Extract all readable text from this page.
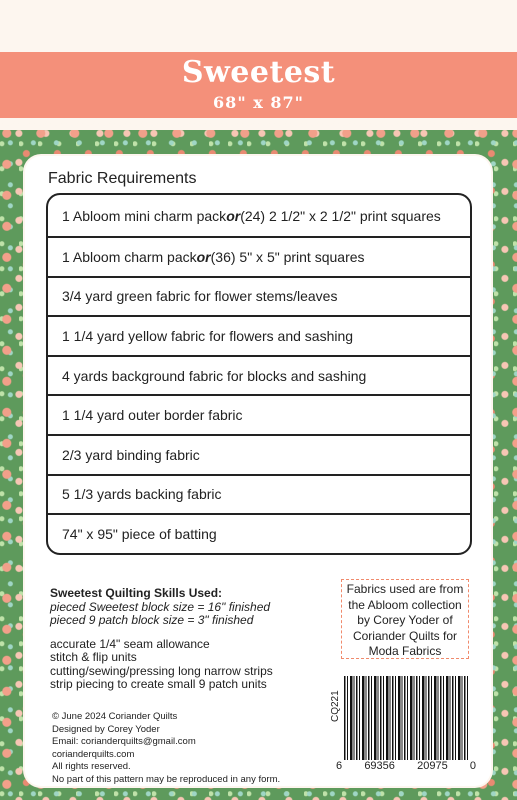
Sweetest
68" x 87"
Fabric Requirements
1 Abloom mini charm pack or (24) 2 1/2" x 2 1/2" print squares
1 Abloom charm pack or (36) 5" x 5" print squares
3/4 yard green fabric for flower stems/leaves
1 1/4 yard yellow fabric for flowers and sashing
4 yards background fabric for blocks and sashing
1 1/4 yard outer border fabric
2/3 yard binding fabric
5 1/3 yards backing fabric
74" x 95" piece of batting
Sweetest Quilting Skills Used:
pieced Sweetest block size = 16" finished
pieced 9 patch block size = 3" finished
accurate 1/4" seam allowance
stitch & flip units
cutting/sewing/pressing long narrow strips
strip piecing to create small 9 patch units
Fabrics used are from
the Abloom collection
by Corey Yoder of
Coriander Quilts for
Moda Fabrics
CQ221
6 69356 20975 0
© June 2024 Coriander Quilts
Designed by Corey Yoder
Email: corianderquilts@gmail.com
corianderquilts.com
All rights reserved.
No part of this pattern may be reproduced in any form.
